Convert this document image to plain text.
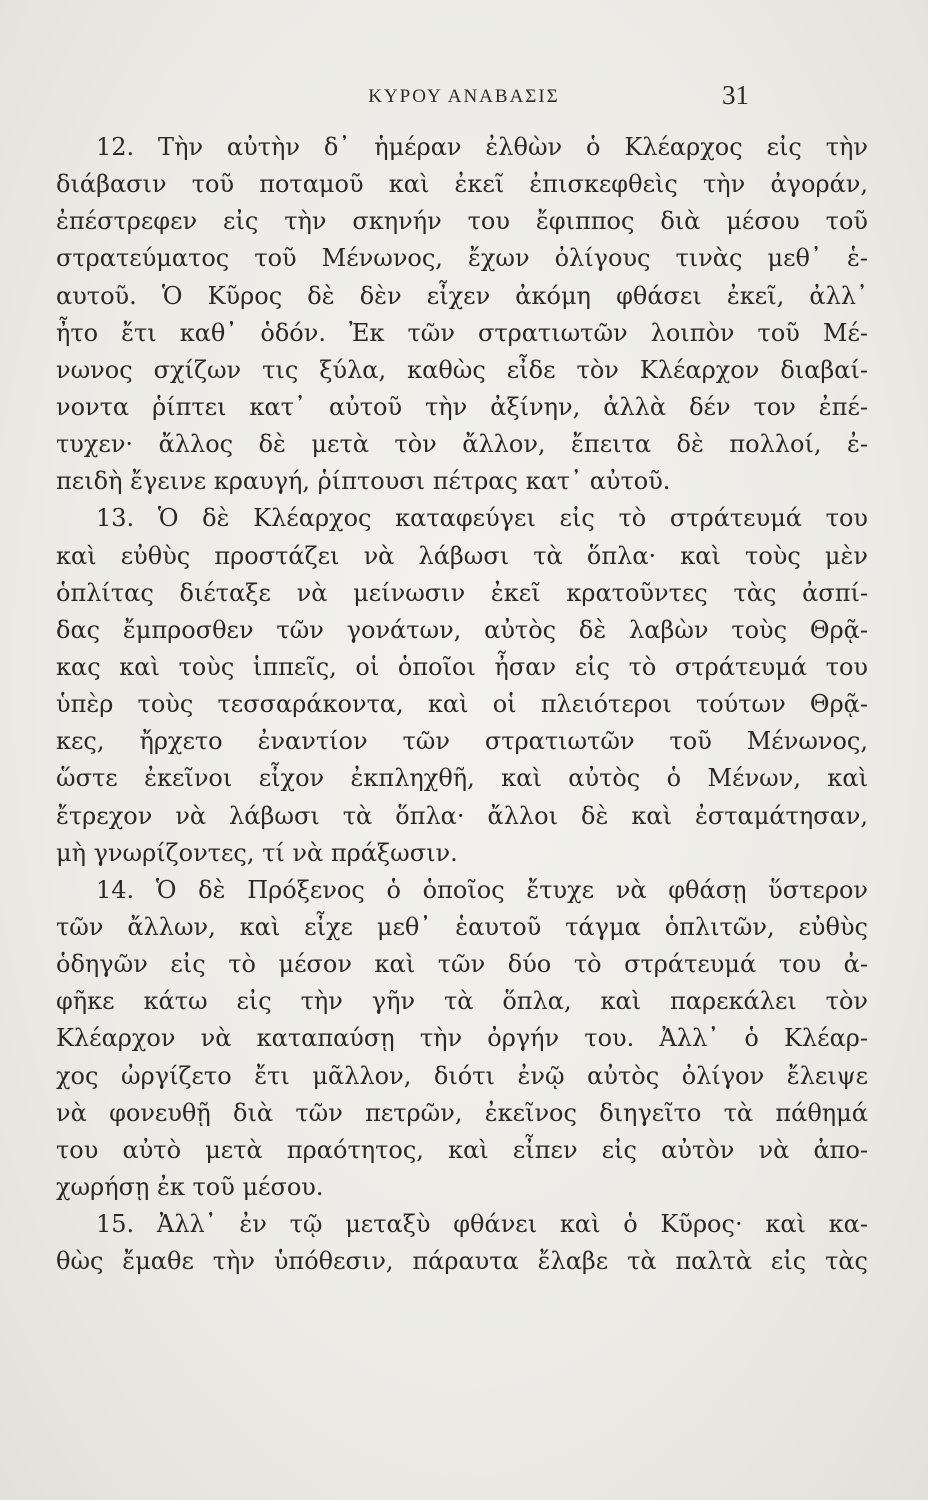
ΚΥΡΟΥ ΑΝΑΒΑΣΙΣ	31
12. Τὴν αὐτὴν δ᾽ ἡμέραν ἐλθὼν ὁ Κλέαρχος εἰς τὴν
διάβασιν τοῦ ποταμοῦ καὶ ἐκεῖ ἐπισκεφθεὶς τὴν ἀγοράν,
ἐπέστρεφεν εἰς τὴν σκηνήν του ἔφιππος διὰ μέσου τοῦ
στρατεύματος τοῦ Μένωνος, ἔχων ὀλίγους τινὰς μεθ᾽ ἑ-
αυτοῦ. Ὁ Κῦρος δὲ δὲν εἶχεν ἀκόμη φθάσει ἐκεῖ, ἀλλ᾽
ἦτο ἔτι καθ᾽ ὁδόν. Ἐκ τῶν στρατιωτῶν λοιπὸν τοῦ Μέ-
νωνος σχίζων τις ξύλα, καθὼς εἶδε τὸν Κλέαρχον διαβαί-
νοντα ῥίπτει κατ᾽ αὐτοῦ τὴν ἀξίνην, ἀλλὰ δέν τον ἐπέ-
τυχεν· ἄλλος δὲ μετὰ τὸν ἄλλον, ἔπειτα δὲ πολλοί, ἐ-
πειδὴ ἔγεινε κραυγή, ῥίπτουσι πέτρας κατ᾽ αὐτοῦ.
13. Ὁ δὲ Κλέαρχος καταφεύγει εἰς τὸ στράτευμά του
καὶ εὐθὺς προστάζει νὰ λάβωσι τὰ ὅπλα· καὶ τοὺς μὲν
ὁπλίτας διέταξε νὰ μείνωσιν ἐκεῖ κρατοῦντες τὰς ἀσπί-
δας ἔμπροσθεν τῶν γονάτων, αὐτὸς δὲ λαβὼν τοὺς Θρᾷ-
κας καὶ τοὺς ἱππεῖς, οἱ ὁποῖοι ἦσαν εἰς τὸ στράτευμά του
ὑπὲρ τοὺς τεσσαράκοντα, καὶ οἱ πλειότεροι τούτων Θρᾷ-
κες, ἤρχετο ἐναντίον τῶν στρατιωτῶν τοῦ Μένωνος,
ὥστε ἐκεῖνοι εἶχον ἐκπληχθῆ, καὶ αὐτὸς ὁ Μένων, καὶ
ἔτρεχον νὰ λάβωσι τὰ ὅπλα· ἄλλοι δὲ καὶ ἐσταμάτησαν,
μὴ γνωρίζοντες, τί νὰ πράξωσιν.
14. Ὁ δὲ Πρόξενος ὁ ὁποῖος ἔτυχε νὰ φθάσῃ ὕστερον
τῶν ἄλλων, καὶ εἶχε μεθ᾽ ἑαυτοῦ τάγμα ὁπλιτῶν, εὐθὺς
ὁδηγῶν εἰς τὸ μέσον καὶ τῶν δύο τὸ στράτευμά του ἀ-
φῆκε κάτω εἰς τὴν γῆν τὰ ὅπλα, καὶ παρεκάλει τὸν
Κλέαρχον νὰ καταπαύσῃ τὴν ὀργήν του. Ἀλλ᾽ ὁ Κλέαρ-
χος ὠργίζετο ἔτι μᾶλλον, διότι ἐνῷ αὐτὸς ὀλίγον ἔλειψε
νὰ φονευθῇ διὰ τῶν πετρῶν, ἐκεῖνος διηγεῖτο τὰ πάθημά
του αὐτὸ μετὰ πραότητος, καὶ εἶπεν εἰς αὐτὸν νὰ ἀπο-
χωρήσῃ ἐκ τοῦ μέσου.
15. Ἀλλ᾽ ἐν τῷ μεταξὺ φθάνει καὶ ὁ Κῦρος· καὶ κα-
θὼς ἔμαθε τὴν ὑπόθεσιν, πάραυτα ἔλαβε τὰ παλτὰ εἰς τὰς
